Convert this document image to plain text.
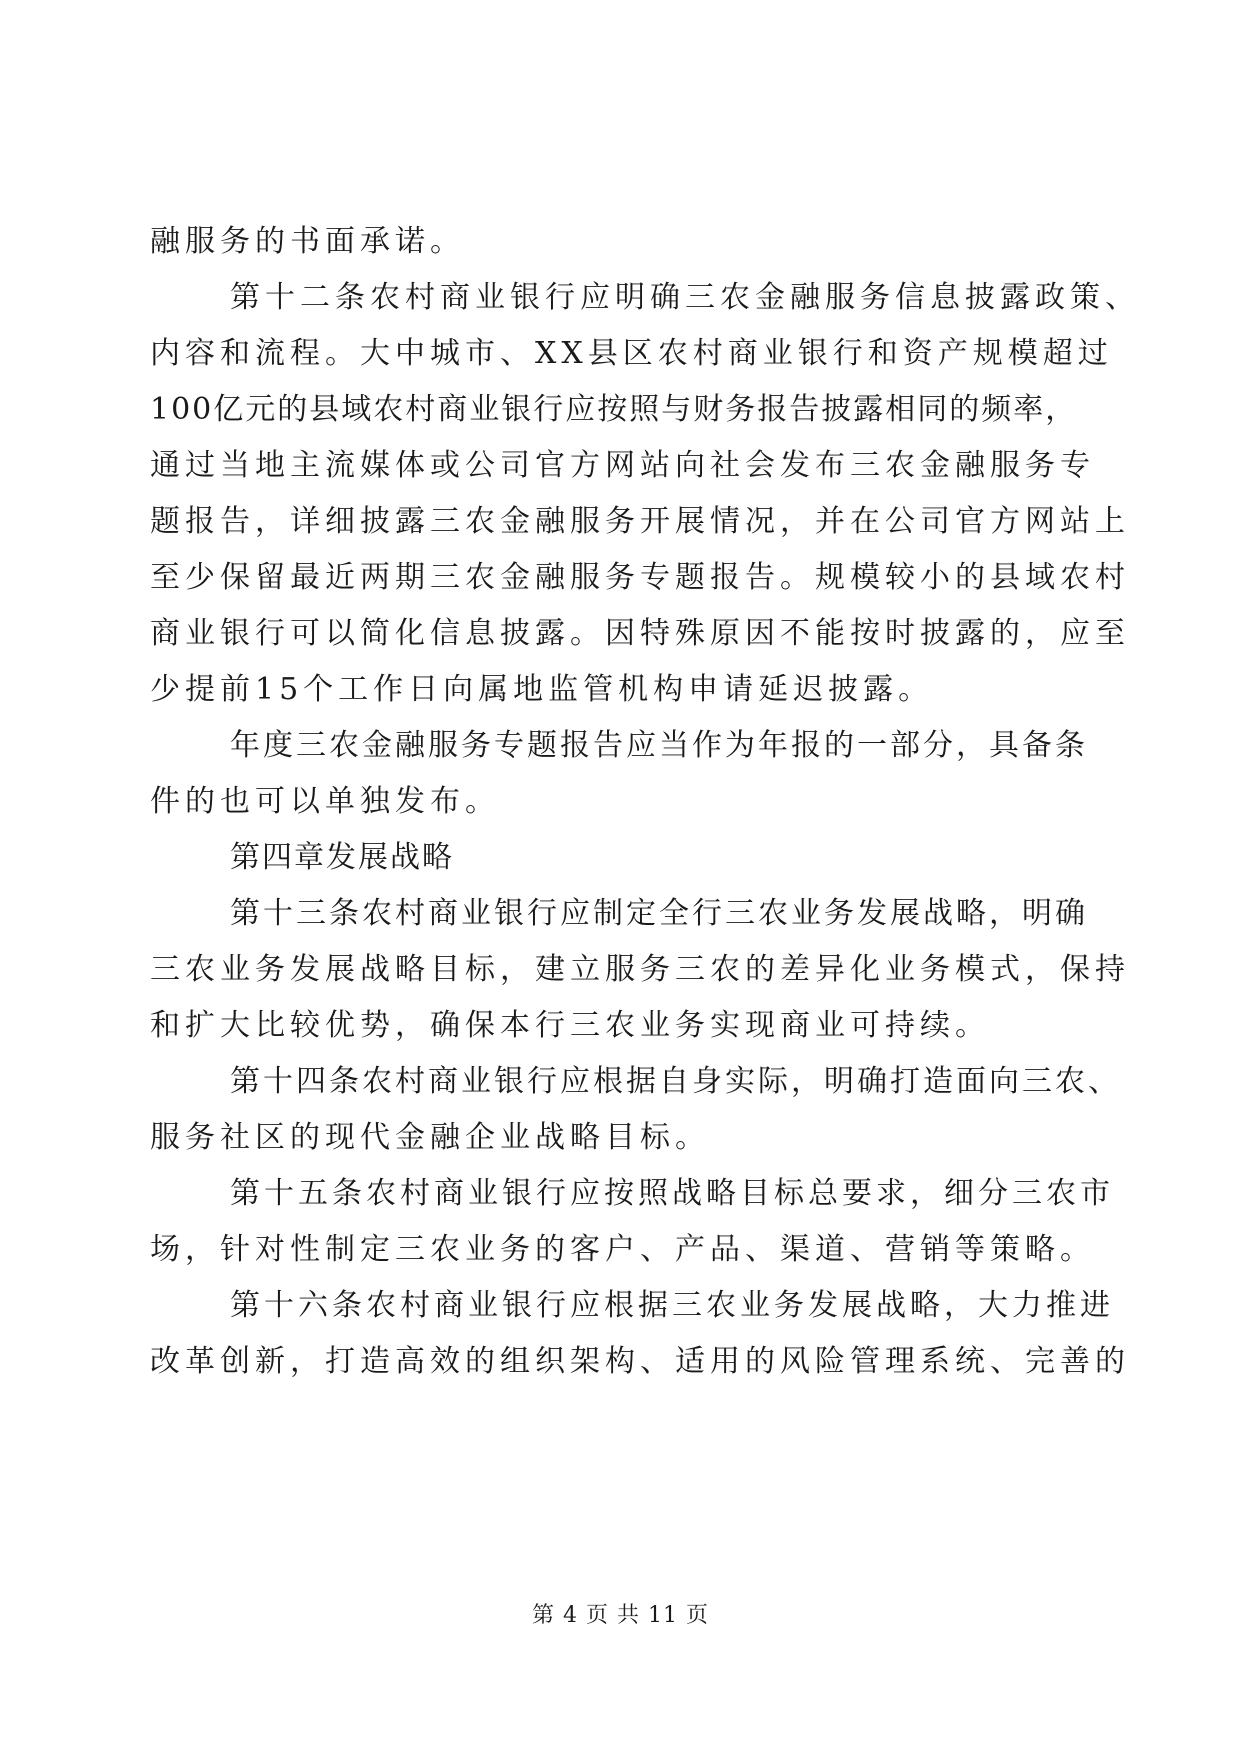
融服务的书面承诺。
第十二条农村商业银行应明确三农金融服务信息披露政策、
内容和流程。大中城市、XX县区农村商业银行和资产规模超过
100亿元的县域农村商业银行应按照与财务报告披露相同的频率，
通过当地主流媒体或公司官方网站向社会发布三农金融服务专
题报告，详细披露三农金融服务开展情况，并在公司官方网站上
至少保留最近两期三农金融服务专题报告。规模较小的县域农村
商业银行可以简化信息披露。因特殊原因不能按时披露的，应至
少提前15个工作日向属地监管机构申请延迟披露。
年度三农金融服务专题报告应当作为年报的一部分，具备条
件的也可以单独发布。
第四章发展战略
第十三条农村商业银行应制定全行三农业务发展战略，明确
三农业务发展战略目标，建立服务三农的差异化业务模式，保持
和扩大比较优势，确保本行三农业务实现商业可持续。
第十四条农村商业银行应根据自身实际，明确打造面向三农、
服务社区的现代金融企业战略目标。
第十五条农村商业银行应按照战略目标总要求，细分三农市
场，针对性制定三农业务的客户、产品、渠道、营销等策略。
第十六条农村商业银行应根据三农业务发展战略，大力推进
改革创新，打造高效的组织架构、适用的风险管理系统、完善的
第 4 页 共 11 页
